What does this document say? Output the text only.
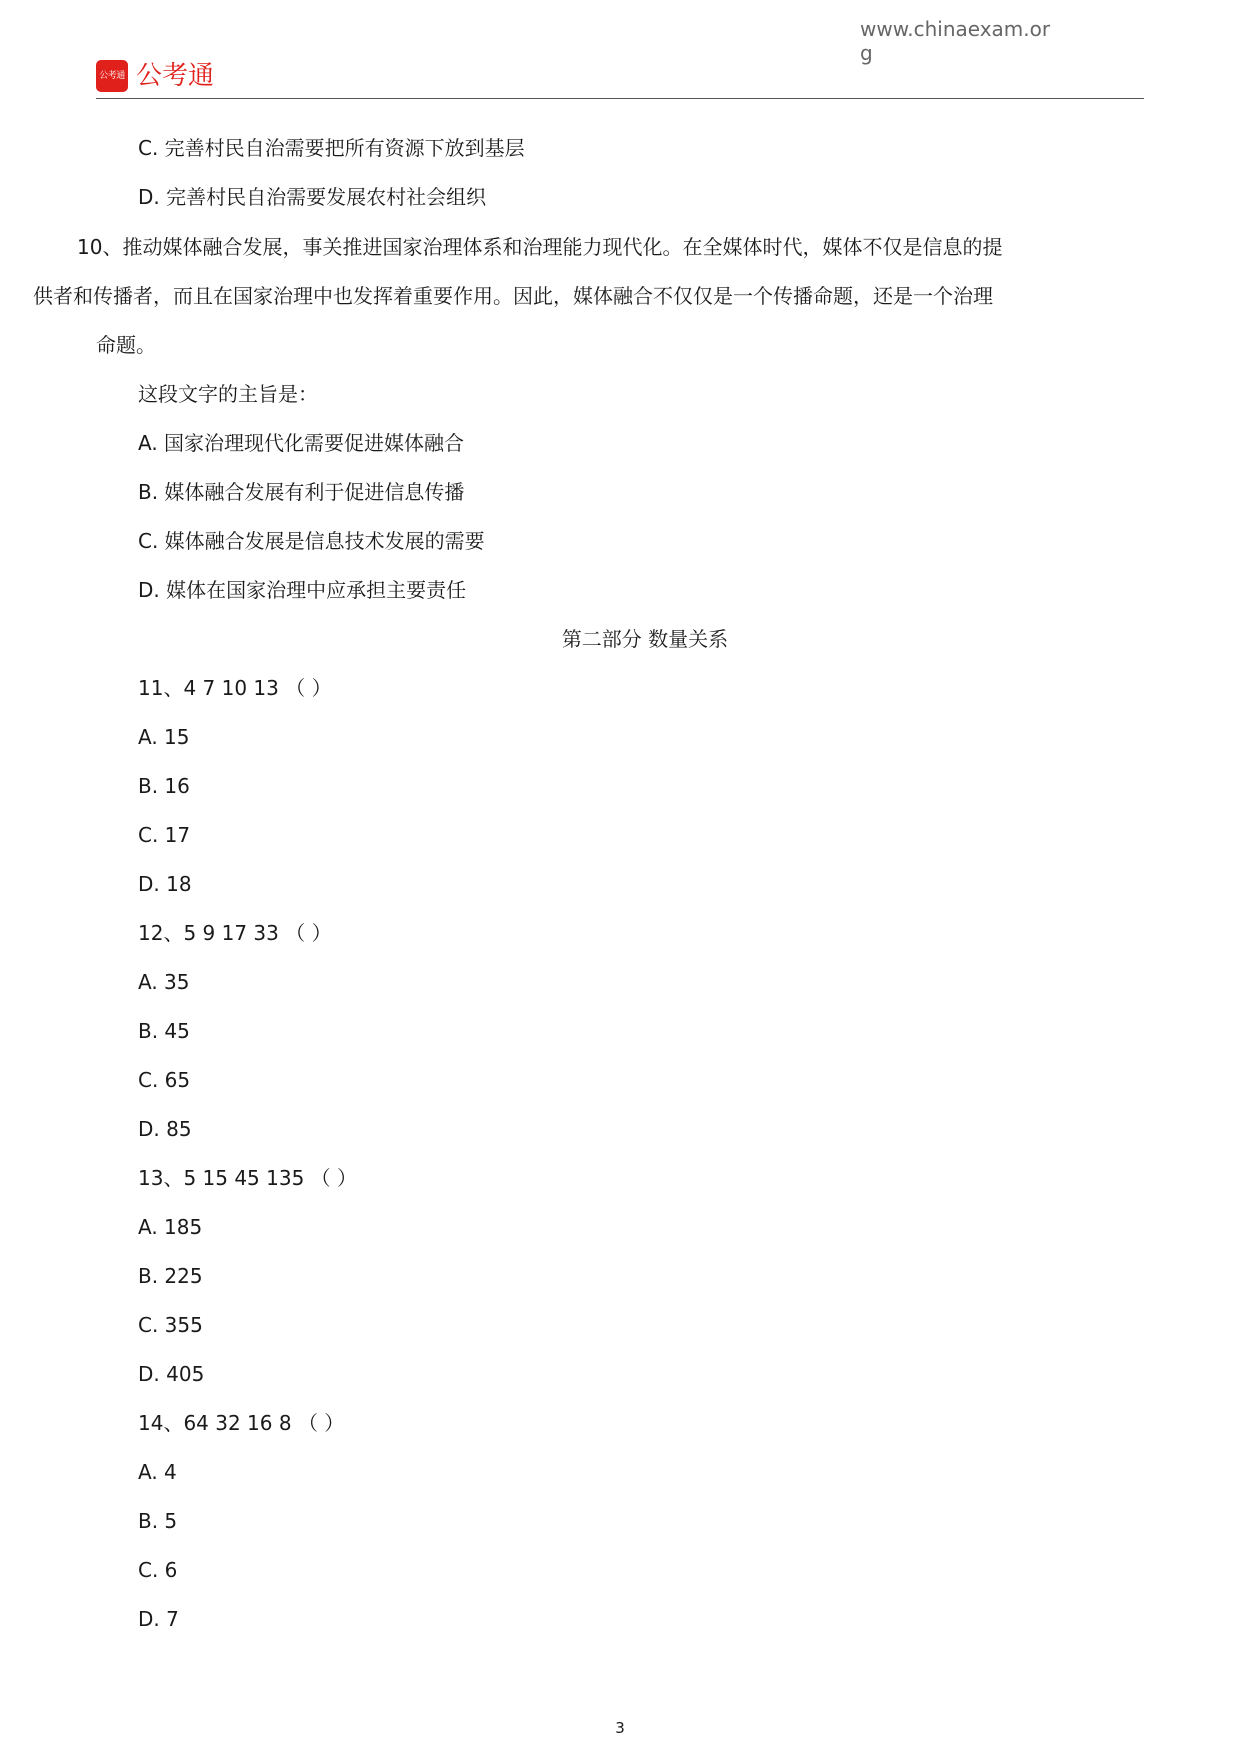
公考通 公考通
www.chinaexam.org
C. 完善村民自治需要把所有资源下放到基层
D. 完善村民自治需要发展农村社会组织
10、推动媒体融合发展，事关推进国家治理体系和治理能力现代化。在全媒体时代，媒体不仅是信息的提
供者和传播者，而且在国家治理中也发挥着重要作用。因此，媒体融合不仅仅是一个传播命题，还是一个治理
命题。
这段文字的主旨是：
A. 国家治理现代化需要促进媒体融合
B. 媒体融合发展有利于促进信息传播
C. 媒体融合发展是信息技术发展的需要
D. 媒体在国家治理中应承担主要责任
第二部分 数量关系
11、4 7 10 13 （ ）
A. 15
B. 16
C. 17
D. 18
12、5 9 17 33 （ ）
A. 35
B. 45
C. 65
D. 85
13、5 15 45 135 （ ）
A. 185
B. 225
C. 355
D. 405
14、64 32 16 8 （ ）
A. 4
B. 5
C. 6
D. 7
3
